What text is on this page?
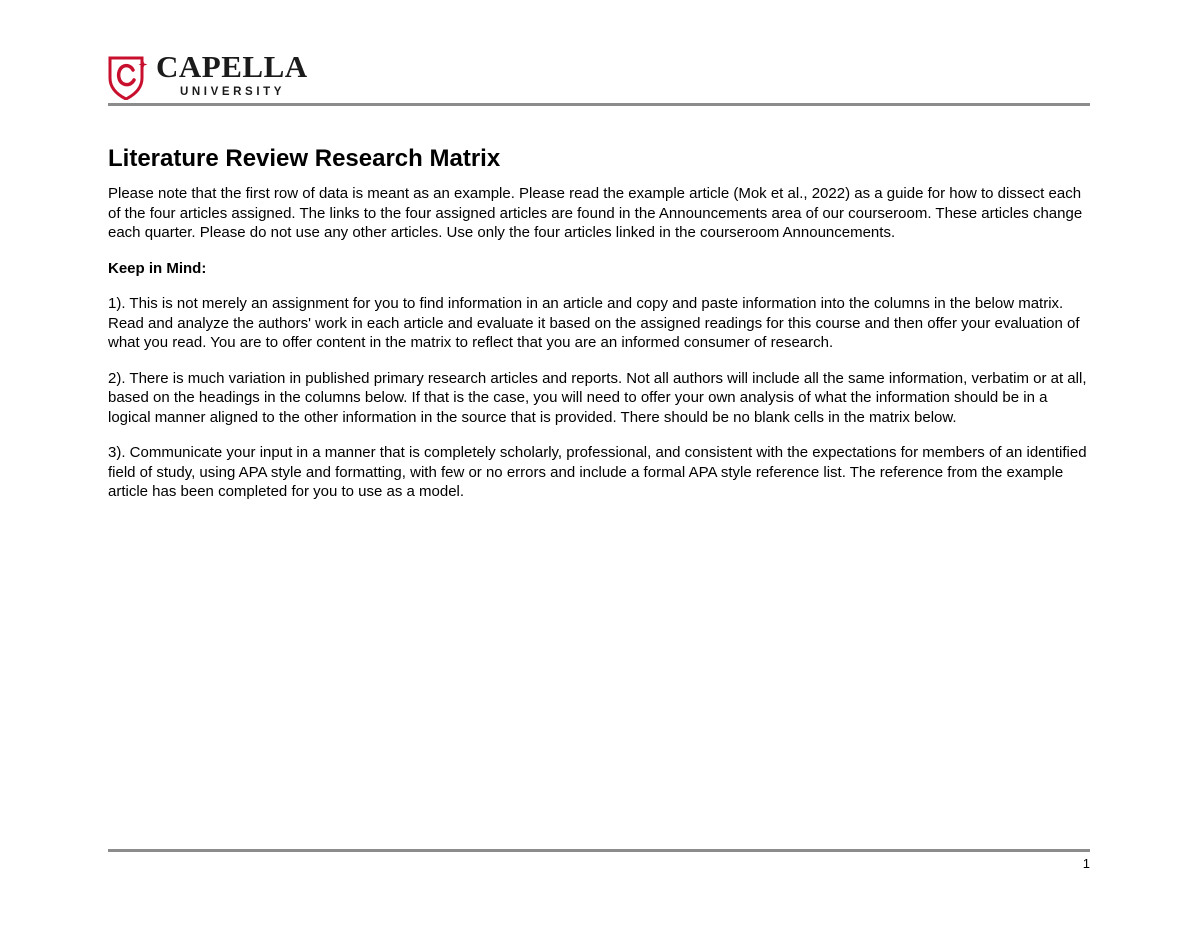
CAPELLA
UNIVERSITY
Literature Review Research Matrix

Please note that the first row of data is meant as an example. Please read the example article (Mok et al., 2022) as a guide for how to dissect each of the four articles assigned. The links to the four assigned articles are found in the Announcements area of our courseroom. These articles change each quarter. Please do not use any other articles. Use only the four articles linked in the courseroom Announcements.

Keep in Mind:

1). This is not merely an assignment for you to find information in an article and copy and paste information into the columns in the below matrix. Read and analyze the authors' work in each article and evaluate it based on the assigned readings for this course and then offer your evaluation of what you read. You are to offer content in the matrix to reflect that you are an informed consumer of research.

2). There is much variation in published primary research articles and reports. Not all authors will include all the same information, verbatim or at all, based on the headings in the columns below. If that is the case, you will need to offer your own analysis of what the information should be in a logical manner aligned to the other information in the source that is provided. There should be no blank cells in the matrix below.

3). Communicate your input in a manner that is completely scholarly, professional, and consistent with the expectations for members of an identified field of study, using APA style and formatting, with few or no errors and include a formal APA style reference list. The reference from the example article has been completed for you to use as a model.

1
